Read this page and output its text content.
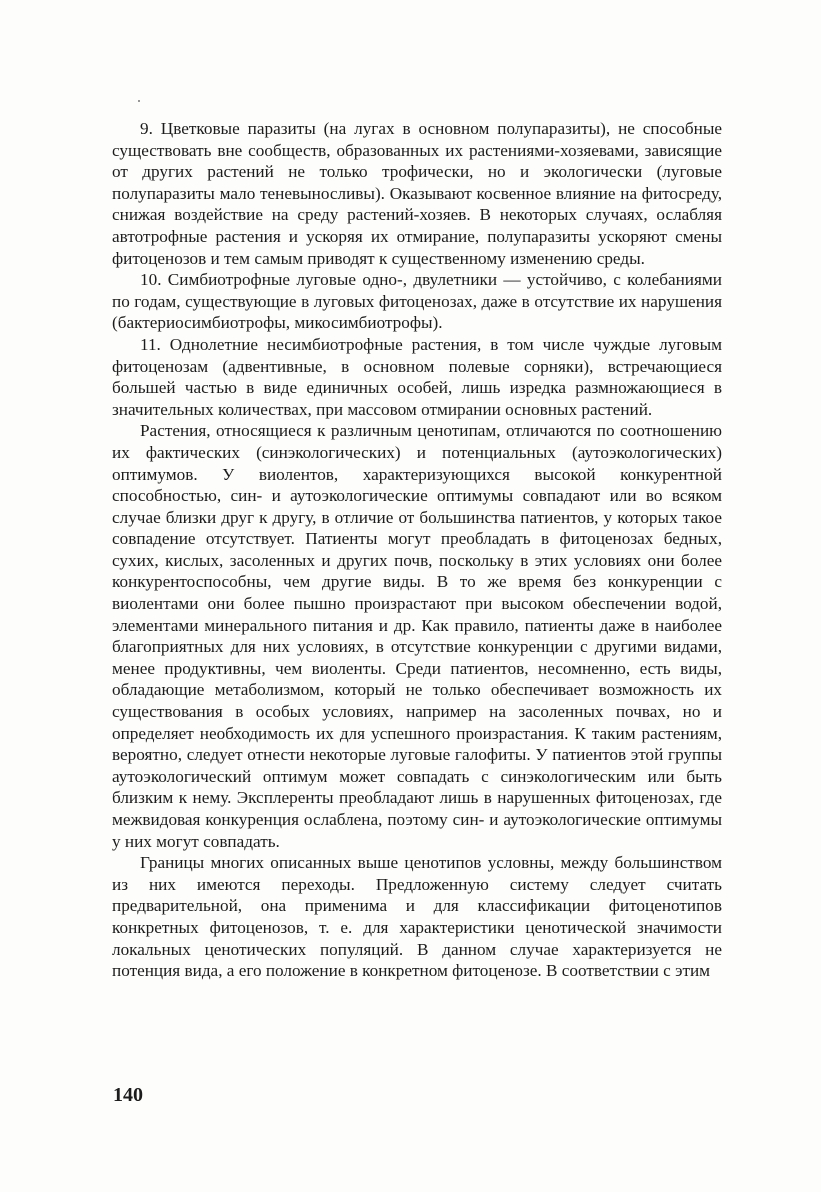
9. Цветковые паразиты (на лугах в основном полупаразиты), не способные существовать вне сообществ, образованных их растениями-хозяевами, зависящие от других растений не только трофически, но и экологически (луговые полупаразиты мало теневыносливы). Оказывают косвенное влияние на фитосреду, снижая воздействие на среду растений-хозяев. В некоторых случаях, ослабляя автотрофные растения и ускоряя их отмирание, полупаразиты ускоряют смены фитоценозов и тем самым приводят к существенному изменению среды.

10. Симбиотрофные луговые одно-, двулетники — устойчиво, с колебаниями по годам, существующие в луговых фитоценозах, даже в отсутствие их нарушения (бактериосимбиотрофы, микосимбиотрофы).

11. Однолетние несимбиотрофные растения, в том числе чуждые луговым фитоценозам (адвентивные, в основном полевые сорняки), встречающиеся большей частью в виде единичных особей, лишь изредка размножающиеся в значительных количествах, при массовом отмирании основных растений.

Растения, относящиеся к различным ценотипам, отличаются по соотношению их фактических (синэкологических) и потенциальных (аутоэкологических) оптимумов. У виолентов, характеризующихся высокой конкурентной способностью, син- и аутоэкологические оптимумы совпадают или во всяком случае близки друг к другу, в отличие от большинства патиентов, у которых такое совпадение отсутствует. Патиенты могут преобладать в фитоценозах бедных, сухих, кислых, засоленных и других почв, поскольку в этих условиях они более конкурентоспособны, чем другие виды. В то же время без конкуренции с виолентами они более пышно произрастают при высоком обеспечении водой, элементами минерального питания и др. Как правило, патиенты даже в наиболее благоприятных для них условиях, в отсутствие конкуренции с другими видами, менее продуктивны, чем виоленты. Среди патиентов, несомненно, есть виды, обладающие метаболизмом, который не только обеспечивает возможность их существования в особых условиях, например на засоленных почвах, но и определяет необходимость их для успешного произрастания. К таким растениям, вероятно, следует отнести некоторые луговые галофиты. У патиентов этой группы аутоэкологический оптимум может совпадать с синэкологическим или быть близким к нему. Эксплеренты преобладают лишь в нарушенных фитоценозах, где межвидовая конкуренция ослаблена, поэтому син- и аутоэкологические оптимумы у них могут совпадать.

Границы многих описанных выше ценотипов условны, между большинством из них имеются переходы. Предложенную систему следует считать предварительной, она применима и для классификации фитоценотипов конкретных фитоценозов, т. е. для характеристики ценотической значимости локальных ценотических популяций. В данном случае характеризуется не потенция вида, а его положение в конкретном фитоценозе. В соответствии с этим

140
